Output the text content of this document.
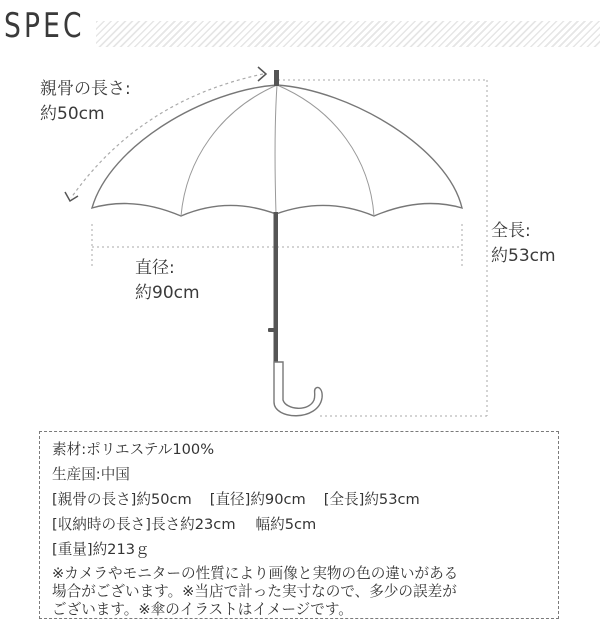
SPEC
親骨の長さ:
約50cm
直径:
約90cm
全長:
約53cm
素材:ポリエステル100%
生産国:中国
[親骨の長さ]約50cm [直径]約90cm [全長]約53cm
[収納時の長さ]長さ約23cm 幅約5cm
[重量]約213ｇ
※カメラやモニターの性質により画像と実物の色の違いがある
場合がございます。※当店で計った実寸なので、多少の誤差が
ございます。※傘のイラストはイメージです。
